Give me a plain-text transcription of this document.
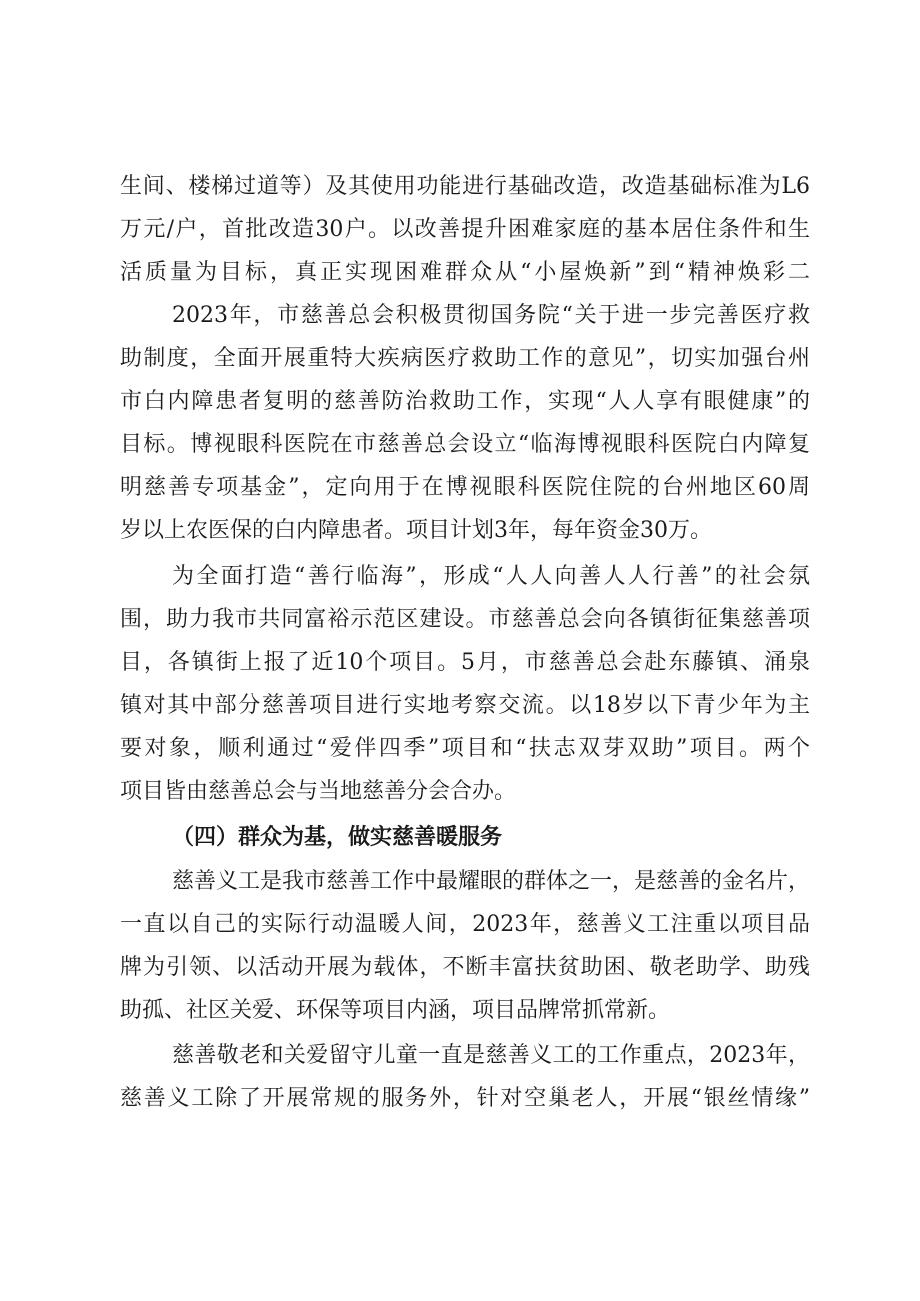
生间、楼梯过道等）及其使用功能进行基础改造，改造基础标准为L6
万元/户，首批改造30户。以改善提升困难家庭的基本居住条件和生
活质量为目标，真正实现困难群众从“小屋焕新”到“精神焕彩二
2023年，市慈善总会积极贯彻国务院“关于进一步完善医疗救
助制度，全面开展重特大疾病医疗救助工作的意见”，切实加强台州
市白内障患者复明的慈善防治救助工作，实现“人人享有眼健康”的
目标。博视眼科医院在市慈善总会设立“临海博视眼科医院白内障复
明慈善专项基金”，定向用于在博视眼科医院住院的台州地区60周
岁以上农医保的白内障患者。项目计划3年，每年资金30万。
为全面打造“善行临海”，形成“人人向善人人行善”的社会氛
围，助力我市共同富裕示范区建设。市慈善总会向各镇街征集慈善项
目，各镇街上报了近10个项目。5月，市慈善总会赴东藤镇、涌泉
镇对其中部分慈善项目进行实地考察交流。以18岁以下青少年为主
要对象，顺利通过“爱伴四季”项目和“扶志双芽双助”项目。两个
项目皆由慈善总会与当地慈善分会合办。
（四）群众为基，做实慈善暖服务
慈善义工是我市慈善工作中最耀眼的群体之一，是慈善的金名片，
一直以自己的实际行动温暖人间，2023年，慈善义工注重以项目品
牌为引领、以活动开展为载体，不断丰富扶贫助困、敬老助学、助残
助孤、社区关爱、环保等项目内涵，项目品牌常抓常新。
慈善敬老和关爱留守儿童一直是慈善义工的工作重点，2023年，
慈善义工除了开展常规的服务外，针对空巢老人，开展“银丝情缘”
